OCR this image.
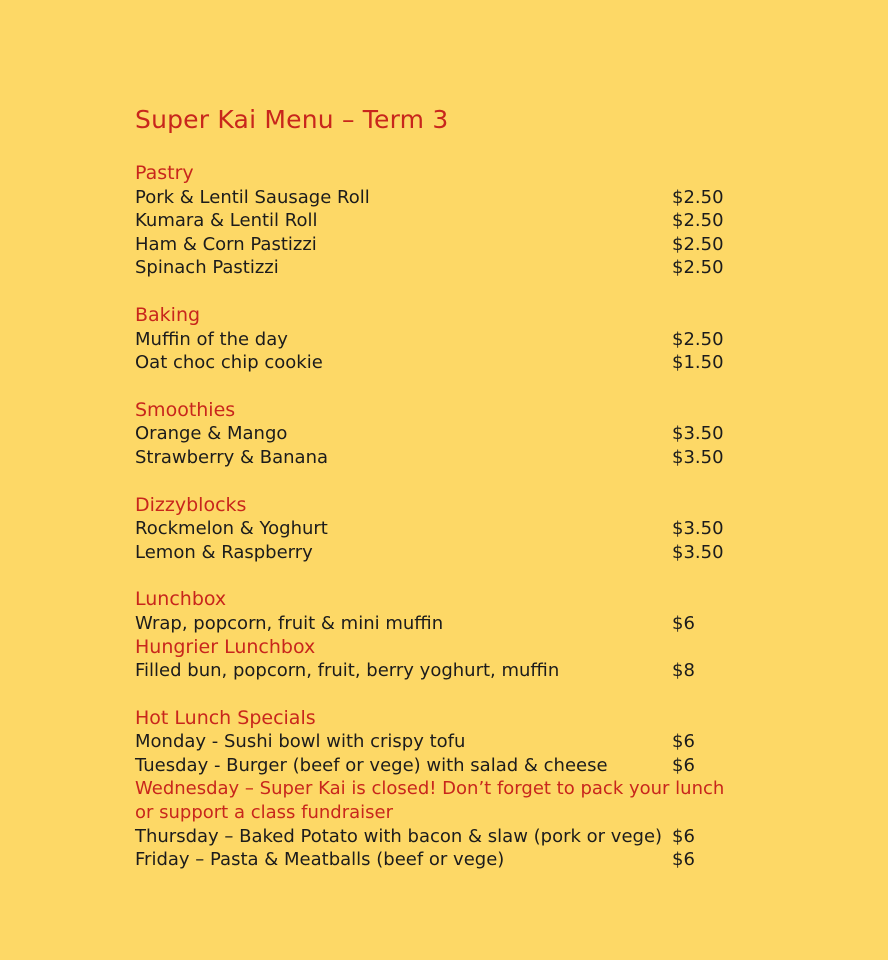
Super Kai Menu – Term 3
Pastry
Pork & Lentil Sausage Roll	$2.50
Kumara & Lentil Roll	$2.50
Ham & Corn Pastizzi	$2.50
Spinach Pastizzi	$2.50
Baking
Muffin of the day	$2.50
Oat choc chip cookie	$1.50
Smoothies
Orange & Mango	$3.50
Strawberry & Banana	$3.50
Dizzyblocks
Rockmelon & Yoghurt	$3.50
Lemon & Raspberry	$3.50
Lunchbox
Wrap, popcorn, fruit & mini muffin	$6
Hungrier Lunchbox
Filled bun, popcorn, fruit, berry yoghurt, muffin	$8
Hot Lunch Specials
Monday - Sushi bowl with crispy tofu	$6
Tuesday - Burger (beef or vege) with salad & cheese	$6
Wednesday – Super Kai is closed! Don’t forget to pack your lunch or support a class fundraiser
Thursday – Baked Potato with bacon & slaw (pork or vege) $6
Friday – Pasta & Meatballs (beef or vege)	$6
